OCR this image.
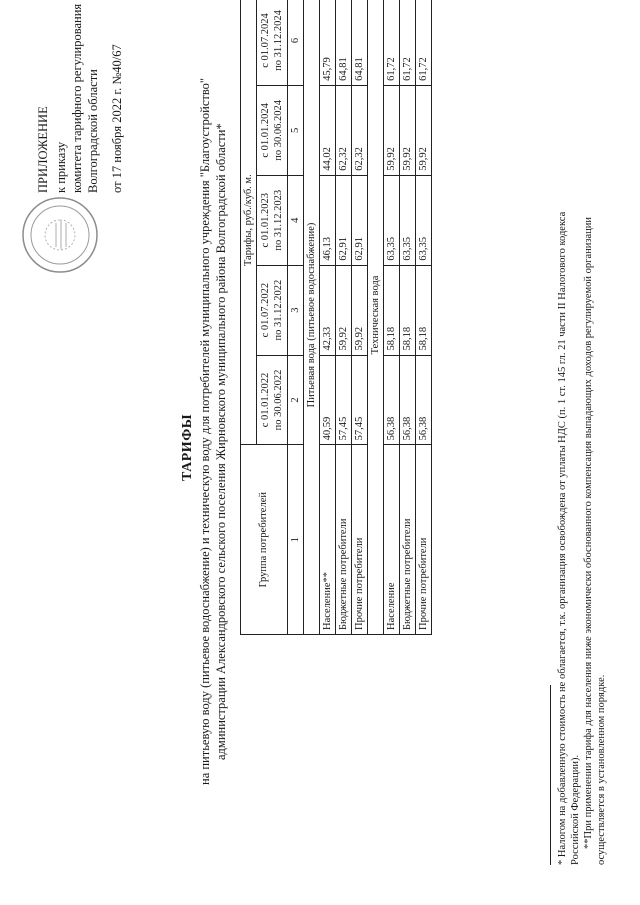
ПРИЛОЖЕНИЕ к приказу комитета тарифного регулирования Волгоградской области от 17 ноября 2022 г. №40/67
ТАРИФЫ на питьевую воду (питьевое водоснабжение) и техническую воду для потребителей муниципального учреждения "Благоустройство" администрации Александровского сельского поселения Жирновского муниципального района Волгоградской области*	Группа потребителей	Тарифы, руб./куб. м.				
	с 01.01.2022 по 30.06.2022	с 01.07.2022 по 31.12.2022	с 01.01.2023 по 31.12.2023	с 01.01.2024 по 30.06.2024	с 01.07.2024 по 31.12.2024
1	2	3	4	5	6
Питьевая вода (питьевое водоснабжение)					
Население**	40,59	42,33	46,13	44,02	45,79
Бюджетные потребители	57,45	59,92	62,91	62,32	64,81
Прочие потребители	57,45	59,92	62,91	62,32	64,81
Техническая вода					
Население	56,38	58,18	63,35	59,92	61,72
Бюджетные потребители	56,38	58,18	63,35	59,92	61,72
Прочие потребители	56,38	58,18	63,35	59,92	61,72
* Налогом на добавленную стоимость не облагается, т.к. организация освобождена от уплаты НДС (п. 1 ст. 145 гл. 21 части II Налогового кодекса Российской Федерации). **При применении тарифа для населения ниже экономически обоснованного компенсация выпадающих доходов регулируемой организации осуществляется в установленном порядке.
